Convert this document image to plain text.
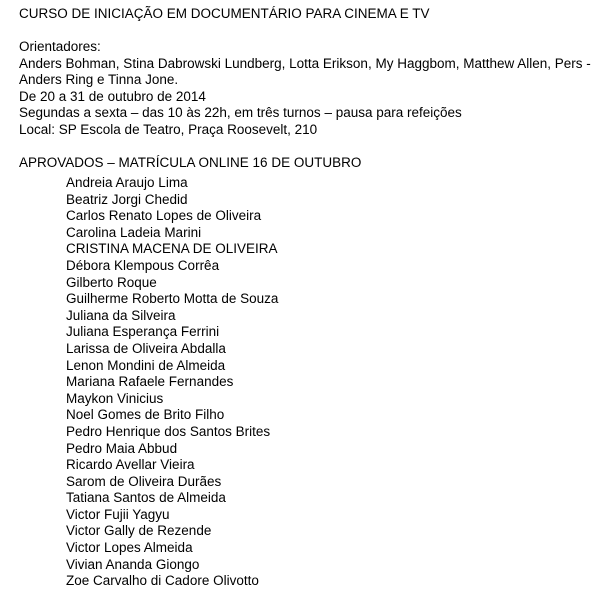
CURSO DE INICIAÇÃO EM DOCUMENTÁRIO PARA CINEMA E TV
Orientadores:
Anders Bohman, Stina Dabrowski Lundberg, Lotta Erikson, My Haggbom, Matthew Allen, Pers -
Anders Ring e Tinna Jone.
De 20 a 31 de outubro de 2014
Segundas a sexta – das 10 às 22h, em três turnos – pausa para refeições
Local: SP Escola de Teatro, Praça Roosevelt, 210
APROVADOS – MATRÍCULA ONLINE 16 DE OUTUBRO
Andreia Araujo Lima
Beatriz Jorgi Chedid
Carlos Renato Lopes de Oliveira
Carolina Ladeia Marini
CRISTINA MACENA DE OLIVEIRA
Débora Klempous Corrêa
Gilberto Roque
Guilherme Roberto Motta de Souza
Juliana da Silveira
Juliana Esperança Ferrini
Larissa de Oliveira Abdalla
Lenon Mondini de Almeida
Mariana Rafaele Fernandes
Maykon Vinicius
Noel Gomes de Brito Filho
Pedro Henrique dos Santos Brites
Pedro Maia Abbud
Ricardo Avellar Vieira
Sarom de Oliveira Durães
Tatiana Santos de Almeida
Victor Fujii Yagyu
Victor Gally de Rezende
Victor Lopes Almeida
Vivian Ananda Giongo
Zoe Carvalho di Cadore Olivotto
